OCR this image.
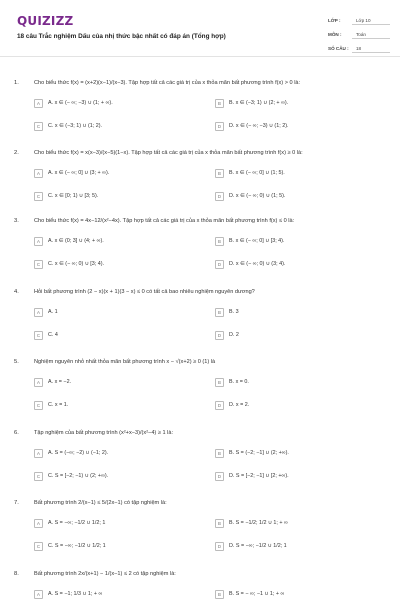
QUIZIZZ
18 câu Trắc nghiệm Dấu của nhị thức bậc nhất có đáp án (Tổng hợp)
LỚP :	Lớp 10
MÔN :	Toán
SỐ CÂU :	18
1.	Cho biểu thức f(x) = (x+2)(x−1)/(x−3). Tập hợp tất cả các giá trị của x thỏa mãn bất phương trình f(x) > 0 là:
A	A. x ∈ (− ∞; −3) ∪ (1; + ∞).	B	B. x ∈ (−3; 1) ∪ (2; + ∞).
C	C. x ∈ (−3; 1) ∪ (1; 2).	D	D. x ∈ (− ∞; −3) ∪ (1; 2).
2.	Cho biểu thức f(x) = x(x−3)/(x−5)(1−x). Tập hợp tất cả các giá trị của x thỏa mãn bất phương trình f(x) ≥ 0 là:
A	A. x ∈ (− ∞; 0] ∪ (3; + ∞).	B	B. x ∈ (− ∞; 0] ∪ (1; 5).
C	C. x ∈ [0; 1) ∪ [3; 5).	D	D. x ∈ (− ∞; 0) ∪ (1; 5).
3.	Cho biểu thức f(x) = 4x−12/(x²−4x). Tập hợp tất cả các giá trị của x thỏa mãn bất phương trình f(x) ≤ 0 là:
A	A. x ∈ (0; 3] ∪ (4; + ∞).	B	B. x ∈ (− ∞; 0] ∪ [3; 4).
C	C. x ∈ (− ∞; 0) ∪ [3; 4).	D	D. x ∈ (− ∞; 0) ∪ (3; 4).
4.	Hỏi bất phương trình (2 − x)(x + 1)(3 − x) ≤ 0 có tất cả bao nhiêu nghiệm nguyên dương?
A	A. 1	B	B. 3
C	C. 4	D	D. 2
5.	Nghiệm nguyên nhỏ nhất thỏa mãn bất phương trình x − √(x+2) ≥ 0 (1) là
A	A. x = −2.	B	B. x = 0.
C	C. x = 1.	D	D. x = 2.
6.	Tập nghiệm của bất phương trình (x²+x−3)/(x²−4) ≥ 1 là:
A	A. S = (−∞; −2) ∪ (−1; 2).	B	B. S = (−2; −1] ∪ (2; +∞).
C	C. S = [−2; −1) ∪ (2; +∞).	D	D. S = [−2; −1] ∪ [2; +∞).
7.	Bất phương trình 2/(x−1) ≤ 5/(2x−1) có tập nghiệm là:
A	A. S = −∞; −1/2 ∪ 1/2; 1	B	B. S = −1/2; 1/2 ∪ 1; + ∞
C	C. S = −∞; −1/2 ∪ 1/2; 1	D	D. S = −∞; −1/2 ∪ 1/2; 1
8.	Bất phương trình 2x/(x+1) − 1/(x−1) ≤ 2 có tập nghiệm là:
A	A. S = −1; 1/3 ∪ 1; + ∞	B	B. S = − ∞; −1 ∪ 1; + ∞
